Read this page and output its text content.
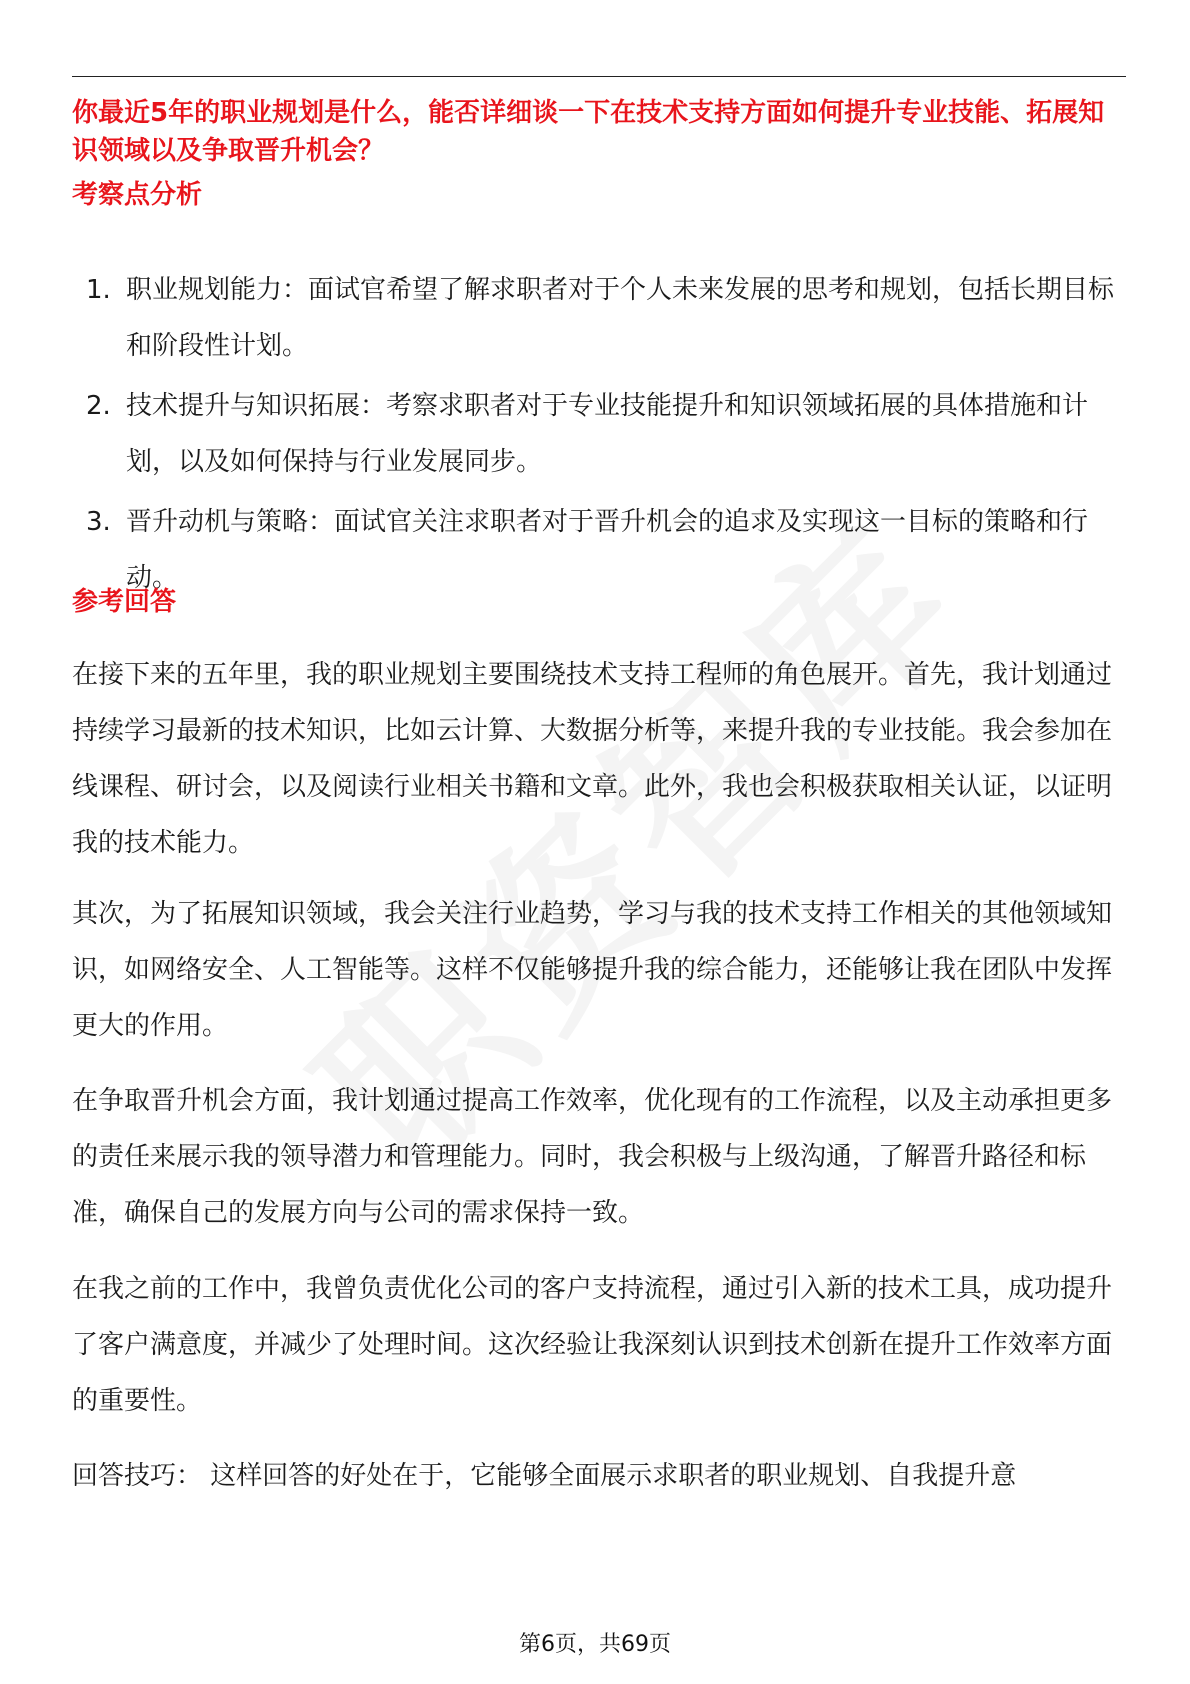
你最近5年的职业规划是什么，能否详细谈一下在技术支持方面如何提升专业技能、拓展知识领域以及争取晋升机会？
考察点分析
1. 职业规划能力：面试官希望了解求职者对于个人未来发展的思考和规划，包括长期目标和阶段性计划。
2. 技术提升与知识拓展：考察求职者对于专业技能提升和知识领域拓展的具体措施和计划，以及如何保持与行业发展同步。
3. 晋升动机与策略：面试官关注求职者对于晋升机会的追求及实现这一目标的策略和行动。
参考回答

在接下来的五年里，我的职业规划主要围绕技术支持工程师的角色展开。首先，我计划通过持续学习最新的技术知识，比如云计算、大数据分析等，来提升我的专业技能。我会参加在线课程、研讨会，以及阅读行业相关书籍和文章。此外，我也会积极获取相关认证，以证明我的技术能力。

其次，为了拓展知识领域，我会关注行业趋势，学习与我的技术支持工作相关的其他领域知识，如网络安全、人工智能等。这样不仅能够提升我的综合能力，还能够让我在团队中发挥更大的作用。

在争取晋升机会方面，我计划通过提高工作效率，优化现有的工作流程，以及主动承担更多的责任来展示我的领导潜力和管理能力。同时，我会积极与上级沟通，了解晋升路径和标准，确保自己的发展方向与公司的需求保持一致。

在我之前的工作中，我曾负责优化公司的客户支持流程，通过引入新的技术工具，成功提升了客户满意度，并减少了处理时间。这次经验让我深刻认识到技术创新在提升工作效率方面的重要性。

回答技巧： 这样回答的好处在于，它能够全面展示求职者的职业规划、自我提升意

第6页，共69页
